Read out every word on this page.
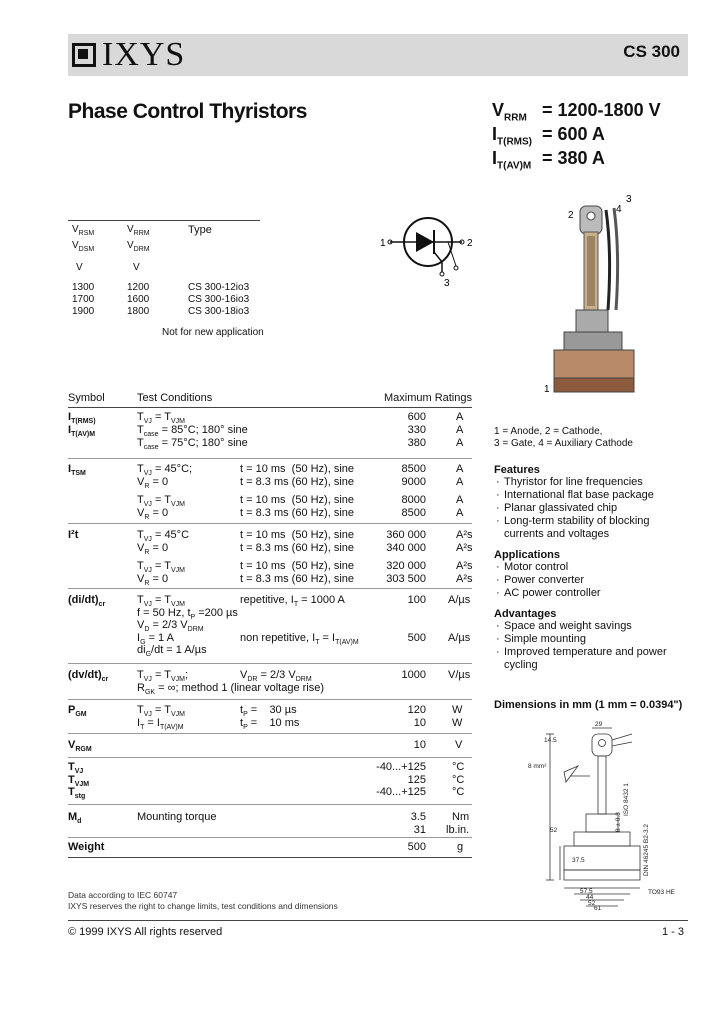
IXYS	CS 300
Phase Control Thyristors	$V_{RRM} = 1200-1800$ V
$I_{T(RMS)} = 600$ A
$I_{T(AV)M} = 380$ A
$V_{RSM}$
$V_{DSM}$
$V_{RRM}$
$V_{DRM}$
Type
V	V
1300	1200	CS 300-12io3
1700	1600	CS 300-16io3
1900	1800	CS 300-18io3
Not for new application
1	2
3
2
3
4
1
1 = Anode, 2 = Cathode,
3 = Gate, 4 = Auxiliary Cathode
Symbol	Test Conditions	Maximum Ratings
$I_{T(RMS)}$	$T_{VJ} = T_{VJM}$	600	A
$I_{T(AV)M}$	$T_{case} = 85^\circ C$; 180° sine	330	A
$T_{case} = 75^\circ C$; 180° sine	380	A
$I_{TSM}$	$T_{VJ} = 45^\circ C$;	t = 10 ms  (50 Hz), sine	8500	A
$V_R = 0$	t = 8.3 ms (60 Hz), sine	9000	A
$T_{VJ} = T_{VJM}$	t = 10 ms  (50 Hz), sine	8000	A
$V_R = 0$	t = 8.3 ms (60 Hz), sine	8500	A
I²t	$T_{VJ} = 45^\circ C$	t = 10 ms  (50 Hz), sine	360 000	A²s
$V_R = 0$	t = 8.3 ms (60 Hz), sine	340 000	A²s
$T_{VJ} = T_{VJM}$	t = 10 ms  (50 Hz), sine	320 000	A²s
$V_R = 0$	t = 8.3 ms (60 Hz), sine	303 500	A²s
$(di/dt)_{cr}$	$T_{VJ} = T_{VJM}$	repetitive, $I_T = 1000$ A	100 A/µs
f = 50 Hz, $t_P =200$ µs
$V_D = 2/3$ $V_{DRM}$
$I_G = 1$ A	non repetitive, $I_T = I_{T(AV)M}$	500 A/µs
$di_G/dt = 1$ A/µs
$(dv/dt)_{cr}$	$T_{VJ} = T_{VJM}$;	$V_{DR} = 2/3$ $V_{DRM}$	1000 V/µs
$R_{GK}$ = ∞; method 1 (linear voltage rise)
$P_{GM}$	$T_{VJ} = T_{VJM}$	$t_P$ =    30 µs	120 W
$I_T = I_{T(AV)M}$	$t_P$ =    10 ms	10 W
$V_{RGM}$	10	V
$T_{VJ}$	-40...+125 °C
$T_{VJM}$	125 °C
$T_{stg}$	-40...+125 °C
$M_d$	Mounting torque	3.5 Nm
31 lb.in.
Weight	500	g
Data according to IEC 60747
IXYS reserves the right to change limits, test conditions and dimensions
© 1999 IXYS All rights reserved	1 - 3
Features
· Thyristor for line frequencies
· International flat base package
· Planar glassivated chip
· Long-term stability of blocking currents and voltages
Applications
· Motor control
· Power converter
· AC power controller
Advantages
· Space and weight savings
· Simple mounting
· Improved temperature and power cycling
Dimensions in mm (1 mm = 0.0394")
29
14.5
8 mm²
52
37.5
57.5
44
52
61
TO93 HE
8 ± 0.3
ISO 8432 1
DIN 46245 B2-3.2
